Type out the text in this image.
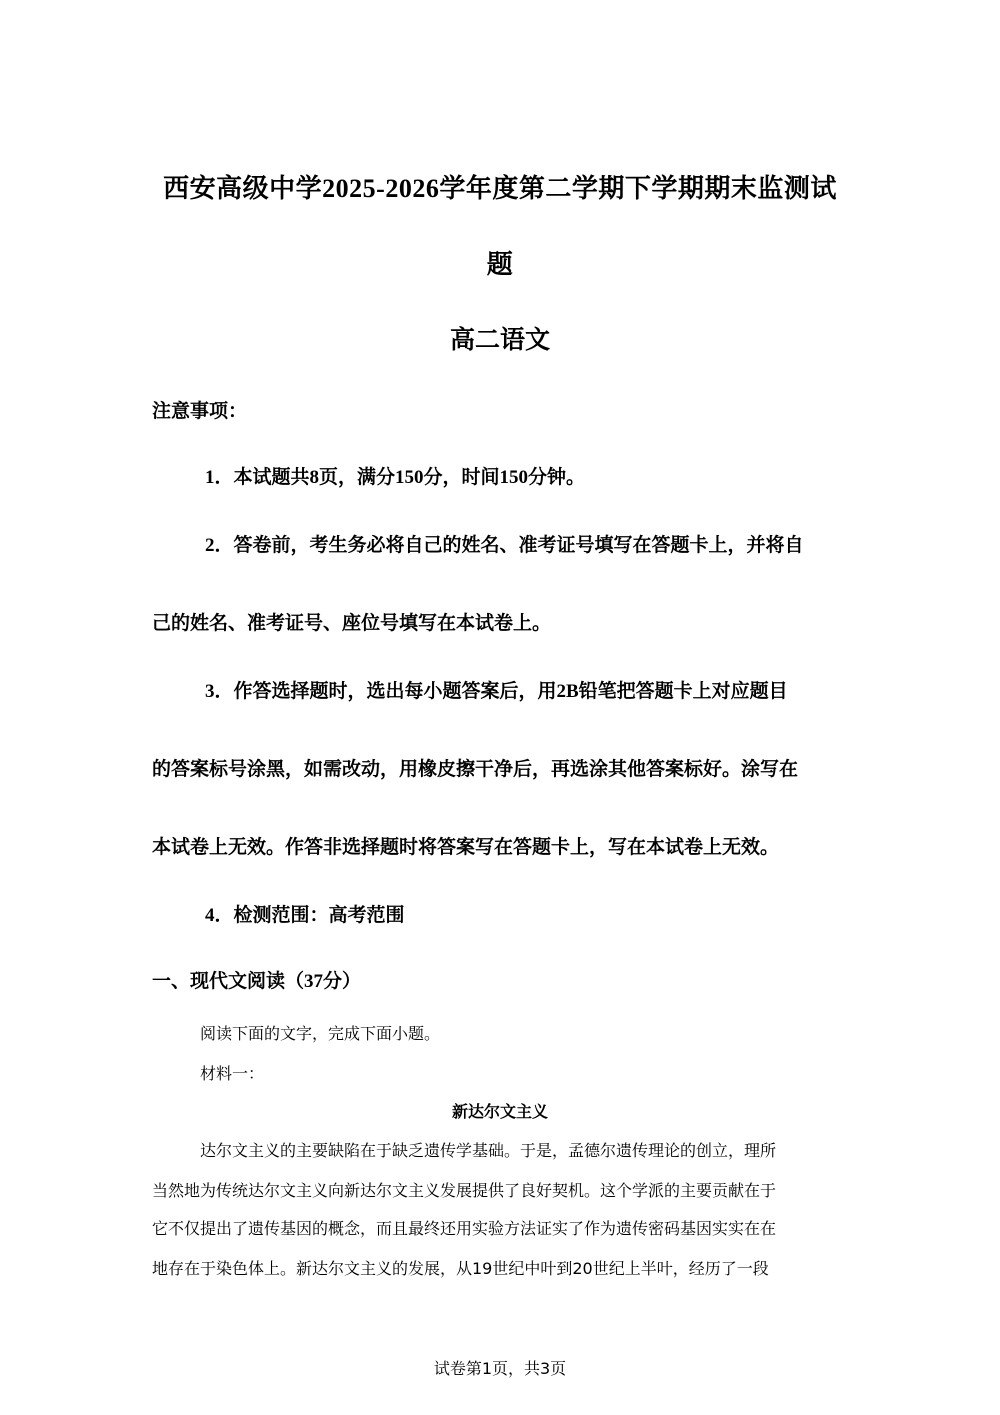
西安高级中学2025-2026学年度第二学期下学期期末监测试
题
高二语文
注意事项：
1．本试题共8页，满分150分，时间150分钟。
2．答卷前，考生务必将自己的姓名、准考证号填写在答题卡上，并将自
己的姓名、准考证号、座位号填写在本试卷上。
3．作答选择题时，选出每小题答案后，用2B铅笔把答题卡上对应题目
的答案标号涂黑，如需改动，用橡皮擦干净后，再选涂其他答案标好。涂写在
本试卷上无效。作答非选择题时将答案写在答题卡上，写在本试卷上无效。
4．检测范围：高考范围
一、现代文阅读（37分）
阅读下面的文字，完成下面小题。
材料一：
新达尔文主义
达尔文主义的主要缺陷在于缺乏遗传学基础。于是，孟德尔遗传理论的创立，理所
当然地为传统达尔文主义向新达尔文主义发展提供了良好契机。这个学派的主要贡献在于
它不仅提出了遗传基因的概念，而且最终还用实验方法证实了作为遗传密码基因实实在在
地存在于染色体上。新达尔文主义的发展，从19世纪中叶到20世纪上半叶，经历了一段
试卷第1页，共3页
